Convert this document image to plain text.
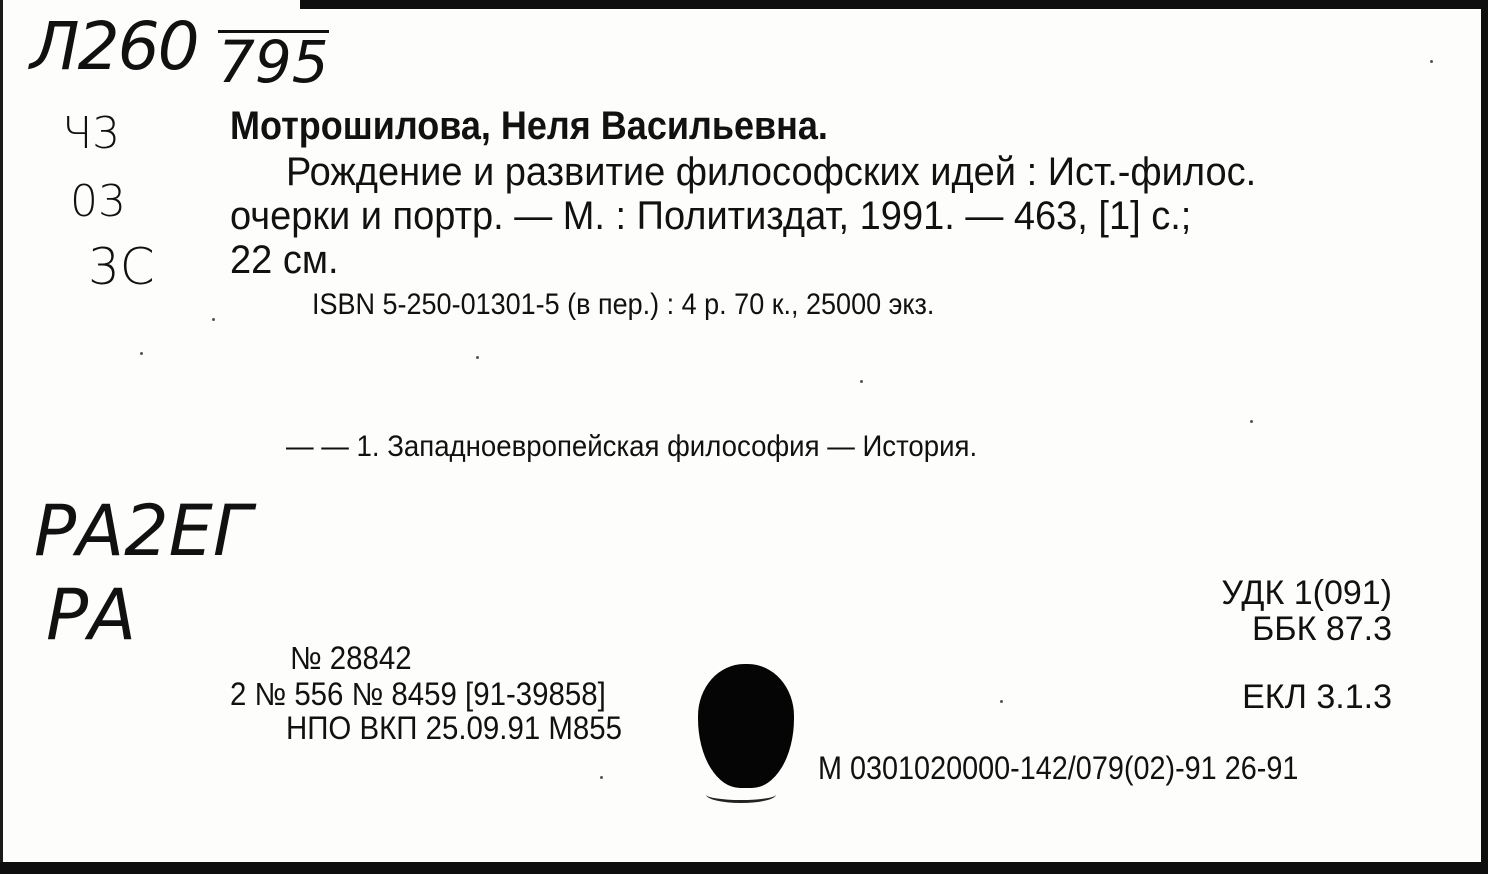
Л260 795
Ч3
03
3С
РА2ЕГ
РА
Мотрошилова, Неля Васильевна.
Рождение и развитие философских идей : Ист.-филос.
очерки и портр. — М. : Политиздат, 1991. — 463, [1] с.;
22 см.
ISBN 5-250-01301-5 (в пер.) : 4 р. 70 к., 25000 экз.
— — 1. Западноевропейская философия — История.
УДК 1(091)
ББК 87.3
ЕКЛ 3.1.3
№ 28842
2 № 556 № 8459 [91-39858]
НПО ВКП 25.09.91 М855
М 0301020000-142/079(02)-91 26-91
